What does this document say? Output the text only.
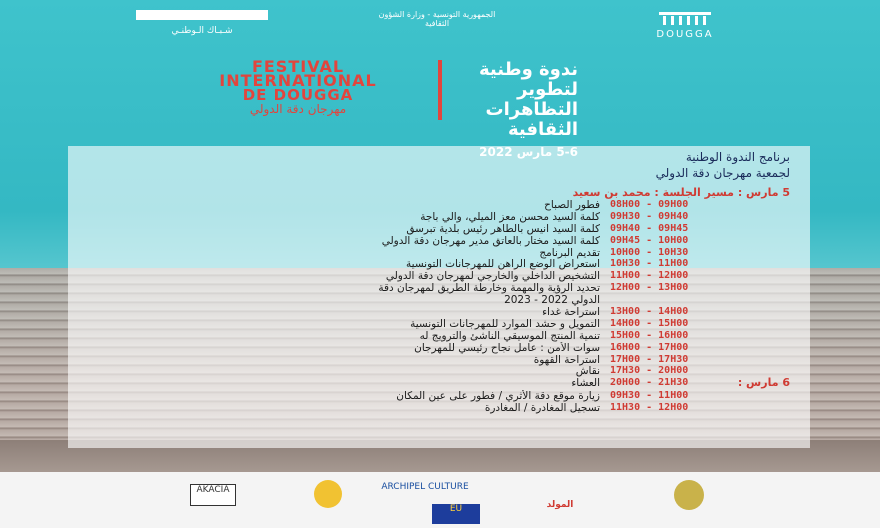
شـبـاك الـوطنـي
الجمهورية التونسية - وزارة الشؤون الثقافية
DOUGGA
FESTIVAL
INTERNATIONAL
DE DOUGGA
مهرجان دقة الدولي
ندوة وطنية
لتطوير التظاهرات
الثقافية
برنامج الندوة الوطنية
لجمعية مهرجان دقة الدولي
5 مارس : مسير الجلسة : محمد بن سعيد
08H00 - 09H00
فطور الصباح
09H30 - 09H40
كلمة السيد محسن معز الميلي، والي باجة
09H40 - 09H45
كلمة السيد انيس بالطاهر رئيس بلدية تبرسق
09H45 - 10H00
كلمة السيد مختار بالعاتق مدير مهرجان دقة الدولي
10H00 - 10H30
تقديم البرنامج
10H30 - 11H00
استعراض الوضع الراهن للمهرجانات التونسية
11H00 - 12H00
التشخيص الداخلي والخارجي لمهرجان دقة الدولي
12H00 - 13H00
تحديد الرؤية والمهمة وخارطة الطريق لمهرجان دقة
الدولي 2022 - 2023
13H00 - 14H00
استراحة غداء
14H00 - 15H00
التمويل و حشد الموارد للمهرجانات التونسية
15H00 - 16H00
تنمية المنتج الموسيقي الناشئ والترويج له
16H00 - 17H00
سوات الأمن : عامل نجاح رئيسي للمهرجان
17H00 - 17H30
استراحة القهوة
17H30 - 20H00
نقاش
20H00 - 21H30
العشاء	6 مارس :
09H30 - 11H00
زيارة موقع دقة الأثري / فطور على عين المكان
11H30 - 12H00
تسجيل المغادرة / المغادرة
AKACIA	ARCHIPEL CULTURE
المولد
EU
